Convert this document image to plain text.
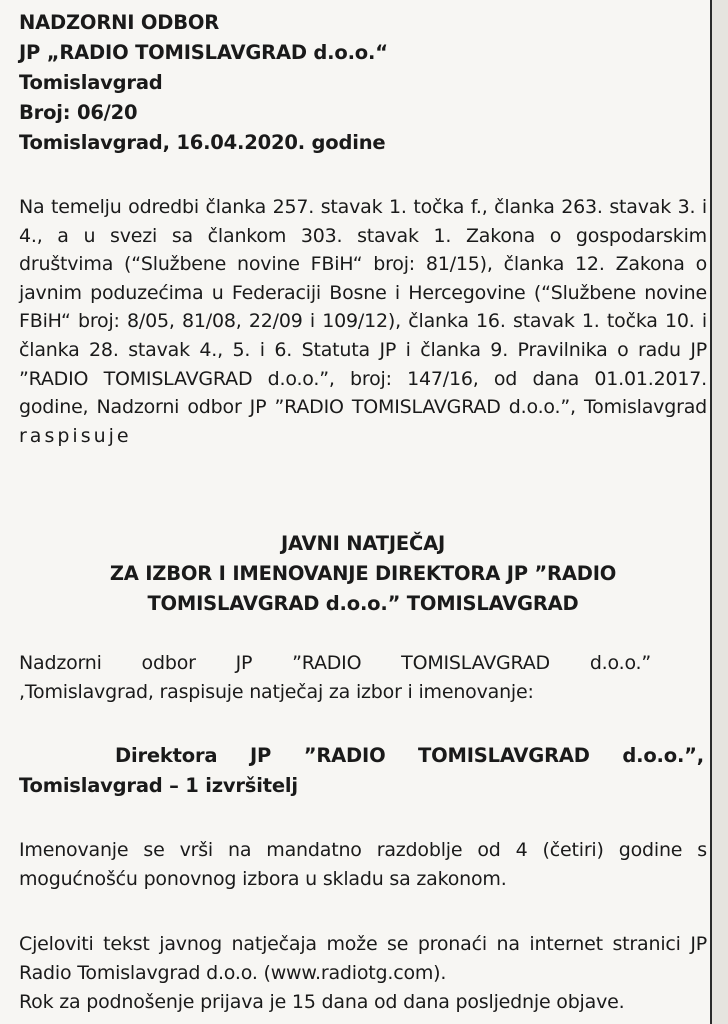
NADZORNI ODBOR
JP „RADIO TOMISLAVGRAD d.o.o.“
Tomislavgrad
Broj: 06/20
Tomislavgrad, 16.04.2020. godine
Na temelju odredbi članka 257. stavak 1. točka f., članka 263. stavak 3. i 4., a u svezi sa člankom 303. stavak 1. Zakona o gospodarskim društvima (“Službene novine FBiH“ broj: 81/15), članka 12. Zakona o javnim poduzećima u Federaciji Bosne i Hercegovine (“Službene novine FBiH“ broj: 8/05, 81/08, 22/09 i 109/12), članka 16. stavak 1. točka 10. i članka 28. stavak 4., 5. i 6. Statuta JP i članka 9. Pravilnika o radu JP ”RADIO TOMISLAVGRAD d.o.o.”, broj: 147/16, od dana 01.01.2017. godine, Nadzorni odbor JP ”RADIO TOMISLAVGRAD d.o.o.”, Tomislavgrad raspisuje
JAVNI NATJEČAJ
ZA IZBOR I IMENOVANJE DIREKTORA JP ”RADIO
TOMISLAVGRAD d.o.o.” TOMISLAVGRAD
Nadzorni odbor JP ”RADIO TOMISLAVGRAD d.o.o.”
,Tomislavgrad, raspisuje natječaj za izbor i imenovanje:
Direktora JP ”RADIO TOMISLAVGRAD d.o.o.”,
Tomislavgrad – 1 izvršitelj
Imenovanje se vrši na mandatno razdoblje od 4 (četiri) godine s mogućnošću ponovnog izbora u skladu sa zakonom.
Cjeloviti tekst javnog natječaja može se pronaći na internet stranici JP Radio Tomislavgrad d.o.o. (www.radiotg.com).
Rok za podnošenje prijava je 15 dana od dana posljednje objave.
